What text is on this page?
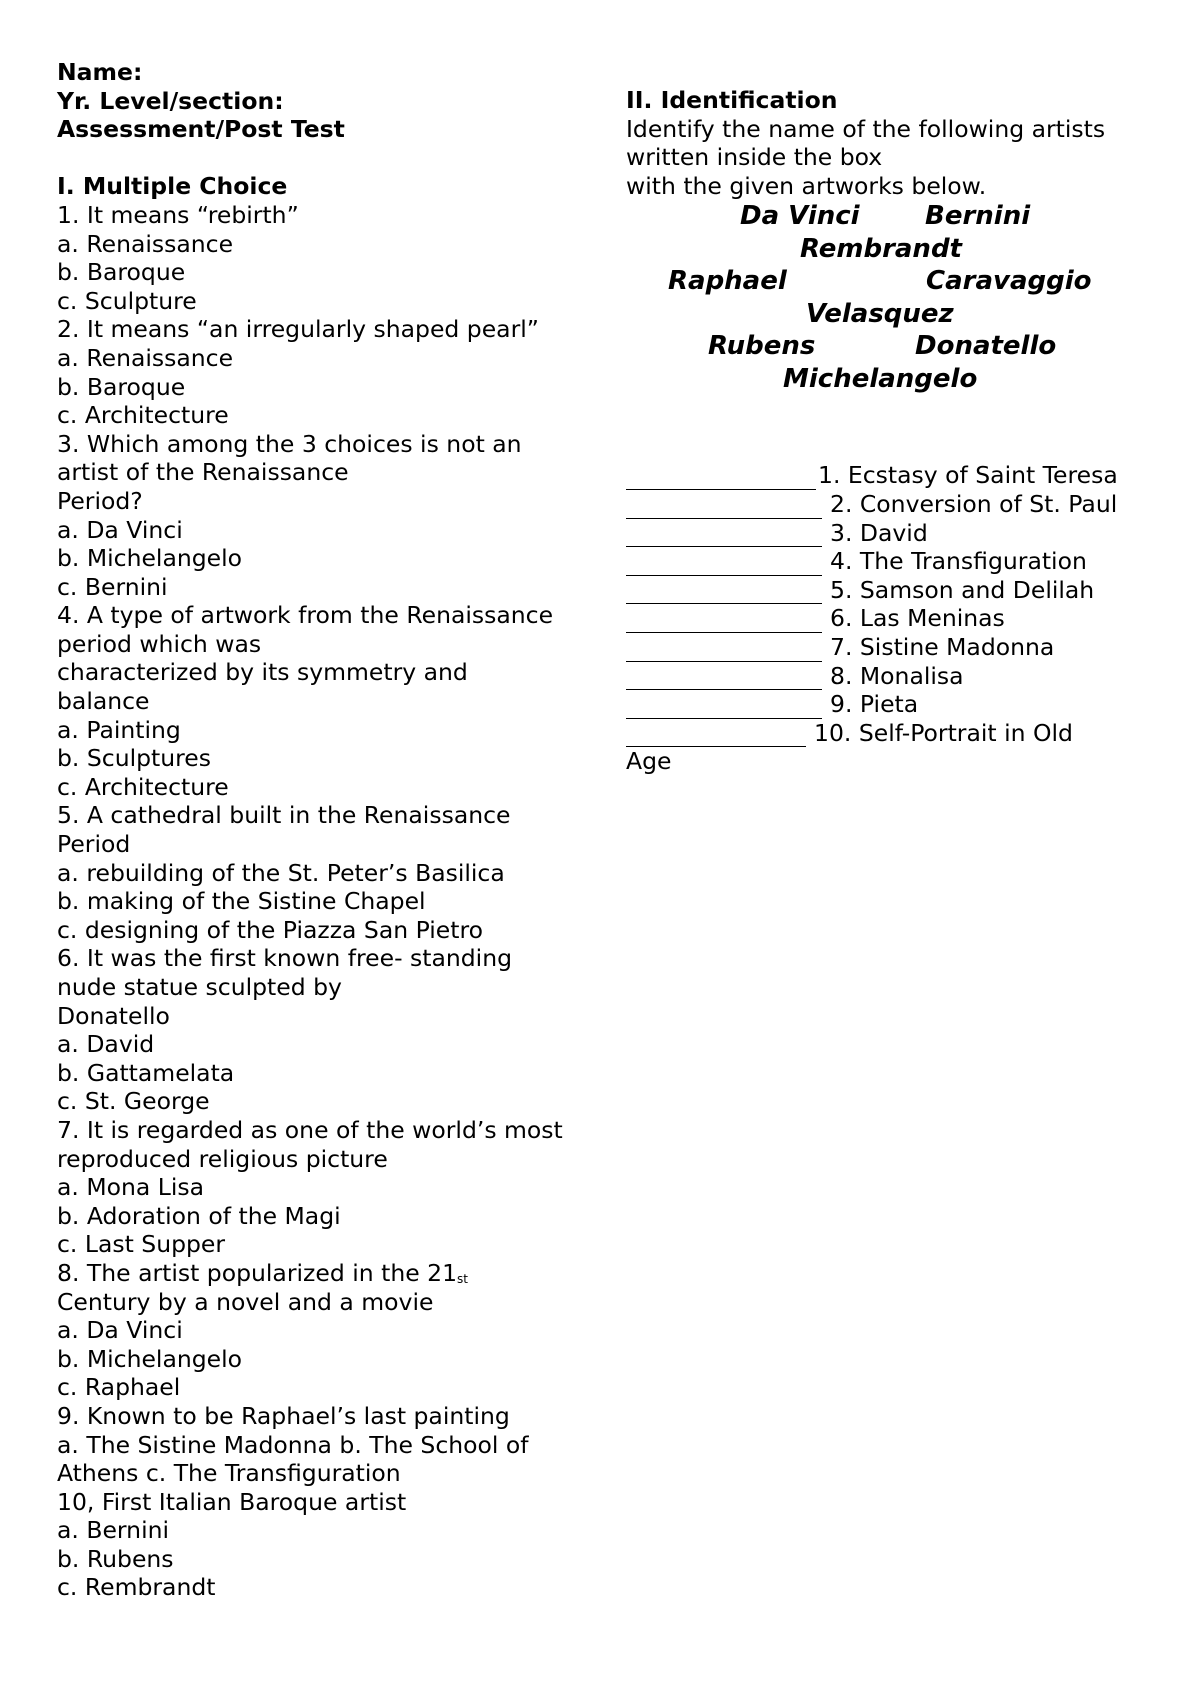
Name:
Yr. Level/section:
Assessment/Post Test
I. Multiple Choice
1. It means “rebirth”
a. Renaissance
b. Baroque
c. Sculpture
2. It means “an irregularly shaped pearl”
a. Renaissance
b. Baroque
c. Architecture
3. Which among the 3 choices is not an
artist of the Renaissance
Period?
a. Da Vinci
b. Michelangelo
c. Bernini
4. A type of artwork from the Renaissance
period which was
characterized by its symmetry and
balance
a. Painting
b. Sculptures
c. Architecture
5. A cathedral built in the Renaissance
Period
a. rebuilding of the St. Peter’s Basilica
b. making of the Sistine Chapel
c. designing of the Piazza San Pietro
6. It was the first known free- standing
nude statue sculpted by
Donatello
a. David
b. Gattamelata
c. St. George
7. It is regarded as one of the world’s most
reproduced religious picture
a. Mona Lisa
b. Adoration of the Magi
c. Last Supper
8. The artist popularized in the 21st
Century by a novel and a movie
a. Da Vinci
b. Michelangelo
c. Raphael
9. Known to be Raphael’s last painting
a. The Sistine Madonna b. The School of
Athens c. The Transfiguration
10, First Italian Baroque artist
a. Bernini
b. Rubens
c. Rembrandt
II. Identification
Identify the name of the following artists
written inside the box
with the given artworks below.
Da Vinci	Bernini
Rembrandt
Raphael	Caravaggio
Velasquez
Rubens	Donatello
Michelangelo
1. Ecstasy of Saint Teresa
2. Conversion of St. Paul
3. David
4. The Transfiguration
5. Samson and Delilah
6. Las Meninas
7. Sistine Madonna
8. Monalisa
9. Pieta
10. Self-Portrait in Old
Age
